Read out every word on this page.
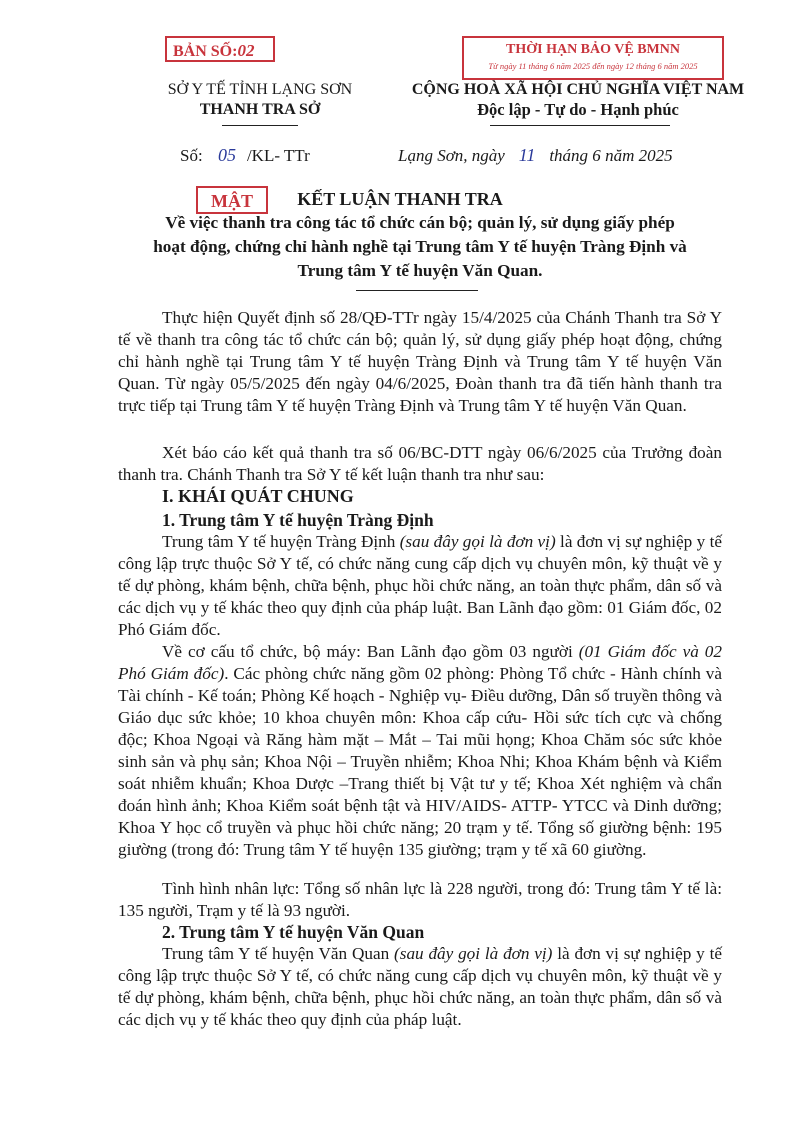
BẢN SỐ:02	THỜI HẠN BẢO VỆ BMNN
Từ ngày 11 tháng 6 năm 2025 đến ngày 12 tháng 6 năm 2025
SỞ Y TẾ TỈNH LẠNG SƠN
THANH TRA SỞ
CỘNG HOÀ XÃ HỘI CHỦ NGHĨA VIỆT NAM
Độc lập - Tự do - Hạnh phúc
Số: 05 /KL- TTr	Lạng Sơn, ngày 11 tháng 6 năm 2025
MẬT	KẾT LUẬN THANH TRA
Về việc thanh tra công tác tổ chức cán bộ; quản lý, sử dụng giấy phép
hoạt động, chứng chỉ hành nghề tại Trung tâm Y tế huyện Tràng Định và
Trung tâm Y tế huyện Văn Quan.
Thực hiện Quyết định số 28/QĐ-TTr ngày 15/4/2025 của Chánh Thanh tra Sở Y tế về thanh tra công tác tổ chức cán bộ; quản lý, sử dụng giấy phép hoạt động, chứng chỉ hành nghề tại Trung tâm Y tế huyện Tràng Định và Trung tâm Y tế huyện Văn Quan. Từ ngày 05/5/2025 đến ngày 04/6/2025, Đoàn thanh tra đã tiến hành thanh tra trực tiếp tại Trung tâm Y tế huyện Tràng Định và Trung tâm Y tế huyện Văn Quan.
Xét báo cáo kết quả thanh tra số 06/BC-DTT ngày 06/6/2025 của Trưởng đoàn thanh tra. Chánh Thanh tra Sở Y tế kết luận thanh tra như sau:
I. KHÁI QUÁT CHUNG
1. Trung tâm Y tế huyện Tràng Định
Trung tâm Y tế huyện Tràng Định (sau đây gọi là đơn vị) là đơn vị sự nghiệp y tế công lập trực thuộc Sở Y tế, có chức năng cung cấp dịch vụ chuyên môn, kỹ thuật về y tế dự phòng, khám bệnh, chữa bệnh, phục hồi chức năng, an toàn thực phẩm, dân số và các dịch vụ y tế khác theo quy định của pháp luật. Ban Lãnh đạo gồm: 01 Giám đốc, 02 Phó Giám đốc.
Về cơ cấu tổ chức, bộ máy: Ban Lãnh đạo gồm 03 người (01 Giám đốc và 02 Phó Giám đốc). Các phòng chức năng gồm 02 phòng: Phòng Tổ chức - Hành chính và Tài chính - Kế toán; Phòng Kế hoạch - Nghiệp vụ- Điều dưỡng, Dân số truyền thông và Giáo dục sức khỏe; 10 khoa chuyên môn: Khoa cấp cứu- Hồi sức tích cực và chống độc; Khoa Ngoại và Răng hàm mặt – Mắt – Tai mũi họng; Khoa Chăm sóc sức khỏe sinh sản và phụ sản; Khoa Nội – Truyền nhiễm; Khoa Nhi; Khoa Khám bệnh và Kiểm soát nhiễm khuẩn; Khoa Dược –Trang thiết bị Vật tư y tế; Khoa Xét nghiệm và chẩn đoán hình ảnh; Khoa Kiểm soát bệnh tật và HIV/AIDS- ATTP- YTCC và Dinh dưỡng; Khoa Y học cổ truyền và phục hồi chức năng; 20 trạm y tế. Tổng số giường bệnh: 195 giường (trong đó: Trung tâm Y tế huyện 135 giường; trạm y tế xã 60 giường.
Tình hình nhân lực: Tổng số nhân lực là 228 người, trong đó: Trung tâm Y tế là: 135 người, Trạm y tế là 93 người.
2. Trung tâm Y tế huyện Văn Quan
Trung tâm Y tế huyện Văn Quan (sau đây gọi là đơn vị) là đơn vị sự nghiệp y tế công lập trực thuộc Sở Y tế, có chức năng cung cấp dịch vụ chuyên môn, kỹ thuật về y tế dự phòng, khám bệnh, chữa bệnh, phục hồi chức năng, an toàn thực phẩm, dân số và các dịch vụ y tế khác theo quy định của pháp luật.
